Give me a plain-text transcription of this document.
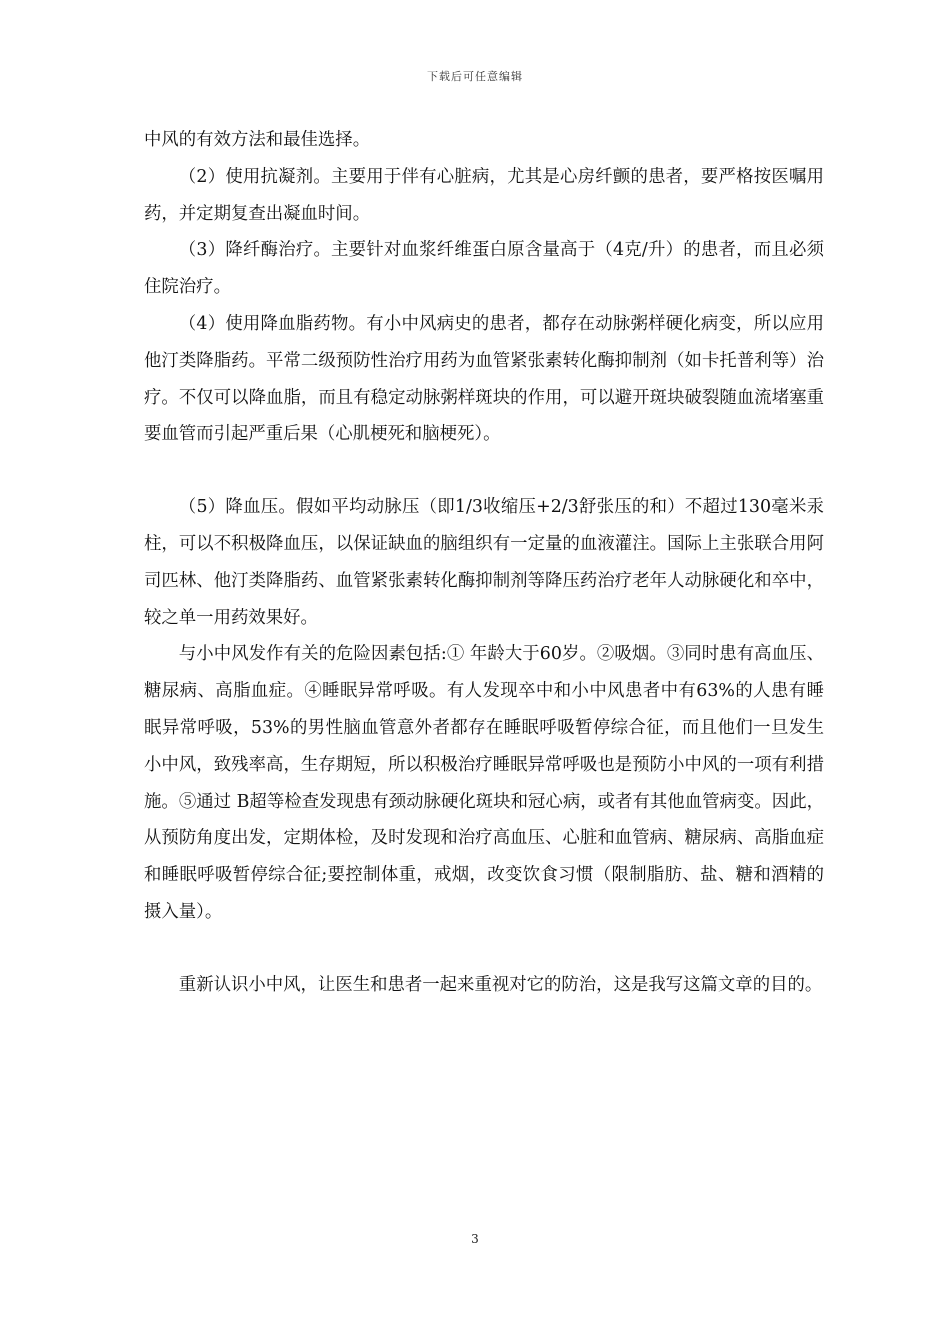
下载后可任意编辑

中风的有效方法和最佳选择。

（2）使用抗凝剂。主要用于伴有心脏病，尤其是心房纤颤的患者，要严格按医嘱用药，并定期复查出凝血时间。

（3）降纤酶治疗。主要针对血浆纤维蛋白原含量高于（4克/升）的患者，而且必须住院治疗。

（4）使用降血脂药物。有小中风病史的患者，都存在动脉粥样硬化病变，所以应用他汀类降脂药。平常二级预防性治疗用药为血管紧张素转化酶抑制剂（如卡托普利等）治疗。不仅可以降血脂，而且有稳定动脉粥样斑块的作用，可以避开斑块破裂随血流堵塞重要血管而引起严重后果（心肌梗死和脑梗死）。

（5）降血压。假如平均动脉压（即1/3收缩压+2/3舒张压的和）不超过130毫米汞柱，可以不积极降血压，以保证缺血的脑组织有一定量的血液灌注。国际上主张联合用阿司匹林、他汀类降脂药、血管紧张素转化酶抑制剂等降压药治疗老年人动脉硬化和卒中，较之单一用药效果好。

与小中风发作有关的危险因素包括:① 年龄大于60岁。②吸烟。③同时患有高血压、糖尿病、高脂血症。④睡眠异常呼吸。有人发现卒中和小中风患者中有63%的人患有睡眠异常呼吸，53%的男性脑血管意外者都存在睡眠呼吸暂停综合征，而且他们一旦发生小中风，致残率高，生存期短，所以积极治疗睡眠异常呼吸也是预防小中风的一项有利措施。⑤通过 B超等检查发现患有颈动脉硬化斑块和冠心病，或者有其他血管病变。因此，从预防角度出发，定期体检，及时发现和治疗高血压、心脏和血管病、糖尿病、高脂血症和睡眠呼吸暂停综合征;要控制体重，戒烟，改变饮食习惯（限制脂肪、盐、糖和酒精的摄入量）。

重新认识小中风，让医生和患者一起来重视对它的防治，这是我写这篇文章的目的。

3
